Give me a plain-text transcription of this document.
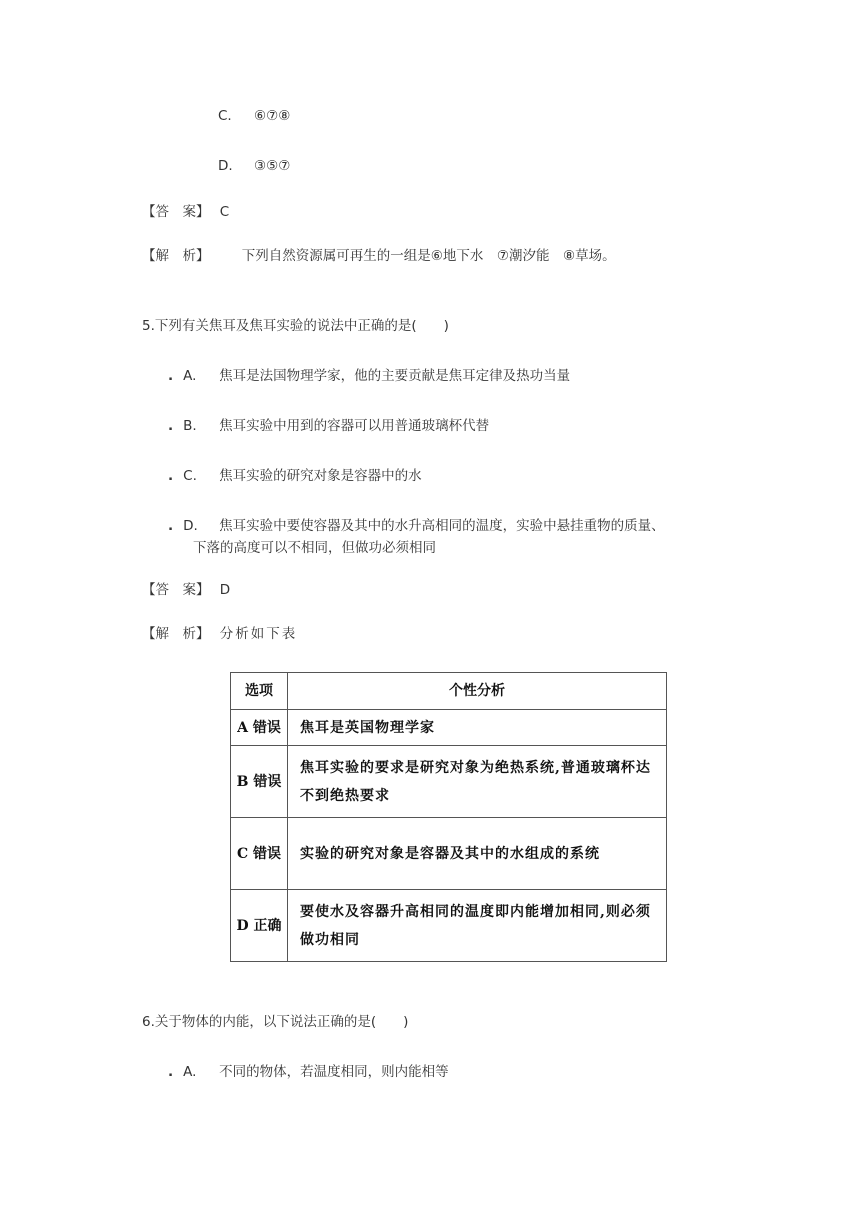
C. ⑥⑦⑧
D. ③⑤⑦
【答　案】 C
【解　析】 下列自然资源属可再生的一组是⑥地下水　⑦潮汐能　⑧草场。
5.下列有关焦耳及焦耳实验的说法中正确的是(　　)
. A. 焦耳是法国物理学家，他的主要贡献是焦耳定律及热功当量
. B. 焦耳实验中用到的容器可以用普通玻璃杯代替
. C. 焦耳实验的研究对象是容器中的水
. D. 焦耳实验中要使容器及其中的水升高相同的温度，实验中悬挂重物的质量、
下落的高度可以不相同，但做功必须相同
【答　案】 D
【解　析】 分析如下表
选项	个性分析
A 错误	焦耳是英国物理学家
B 错误	焦耳实验的要求是研究对象为绝热系统,普通玻璃杯达不到绝热要求
C 错误	实验的研究对象是容器及其中的水组成的系统
D 正确	要使水及容器升高相同的温度即内能增加相同,则必须做功相同
6.关于物体的内能，以下说法正确的是(　　)
. A. 不同的物体，若温度相同，则内能相等
